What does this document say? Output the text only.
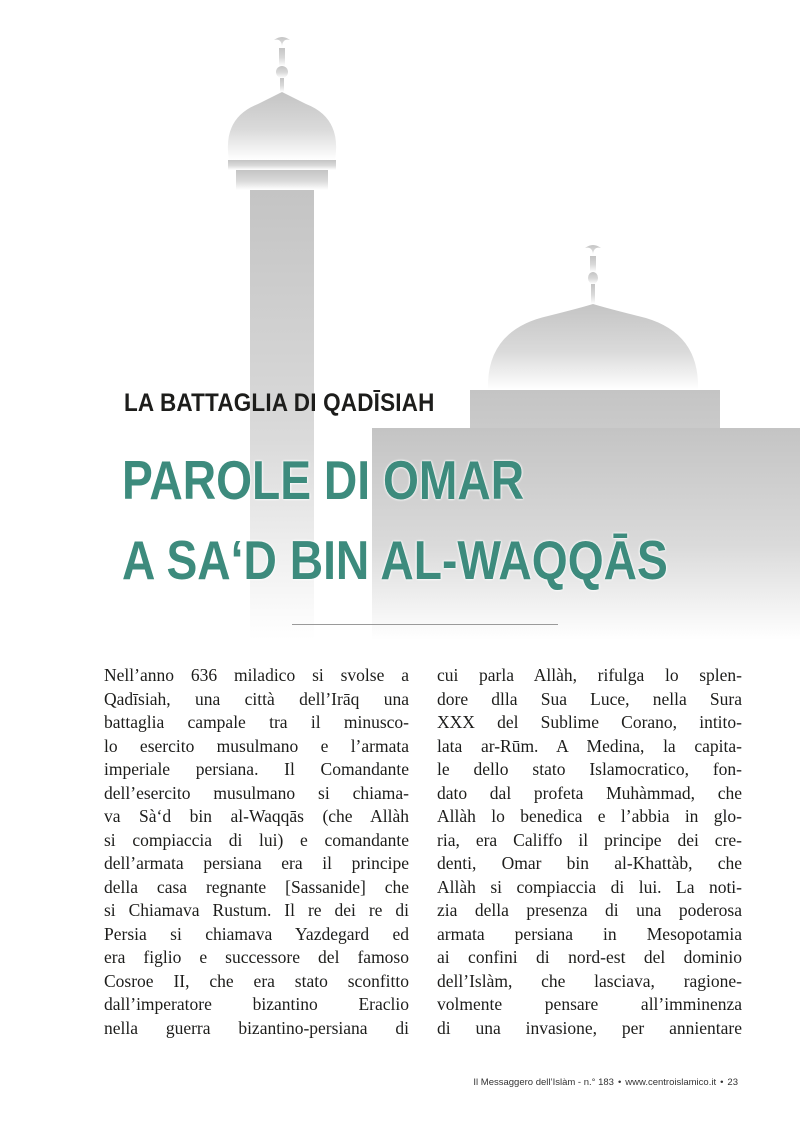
LA BATTAGLIA DI QADĪSIAH
PAROLE DI OMAR
A SA‘D BIN AL-WAQQĀS
Nell’anno 636 miladico si svolse a
Qadīsiah, una città dell’Irāq una
battaglia campale tra il minusco-
lo esercito musulmano e l’armata
imperiale persiana. Il Comandante
dell’esercito musulmano si chiama-
va Sà‘d bin al-Waqqās (che Allàh
si compiaccia di lui) e comandante
dell’armata persiana era il principe
della casa regnante [Sassanide] che
si Chiamava Rustum. Il re dei re di
Persia si chiamava Yazdegard ed
era figlio e successore del famoso
Cosroe II, che era stato sconfitto
dall’imperatore bizantino Eraclio
nella guerra bizantino-persiana di
cui parla Allàh, rifulga lo splen-
dore dlla Sua Luce, nella Sura
XXX del Sublime Corano, intito-
lata ar-Rūm. A Medina, la capita-
le dello stato Islamocratico, fon-
dato dal profeta Muhàmmad, che
Allàh lo benedica e l’abbia in glo-
ria, era Califfo il principe dei cre-
denti, Omar bin al-Khattàb, che
Allàh si compiaccia di lui. La noti-
zia della presenza di una poderosa
armata persiana in Mesopotamia
ai confini di nord-est del dominio
dell’Islàm, che lasciava, ragione-
volmente pensare all’imminenza
di una invasione, per annientare
Il Messaggero dell’Islàm - n.° 183 • www.centroislamico.it • 23
